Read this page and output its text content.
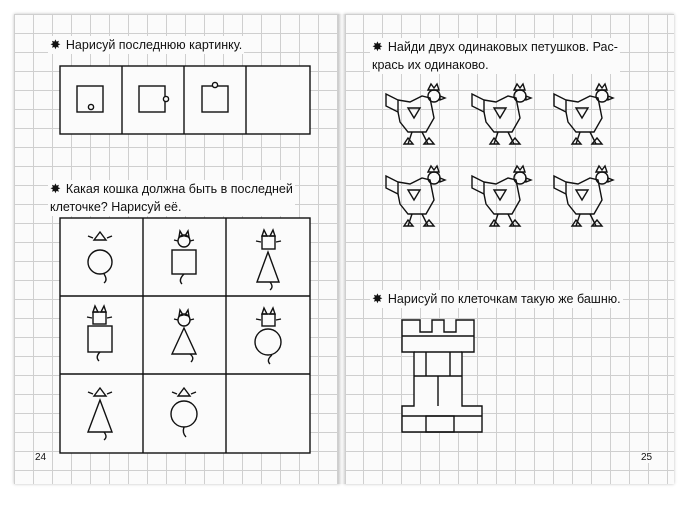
✸ Нарисуй последнюю картинку.
✸ Какая кошка должна быть в последней
клеточке? Нарисуй её.
24
✸ Найди двух одинаковых петушков. Рас-
крась их одинаково.
✸ Нарисуй по клеточкам такую же башню.
25
